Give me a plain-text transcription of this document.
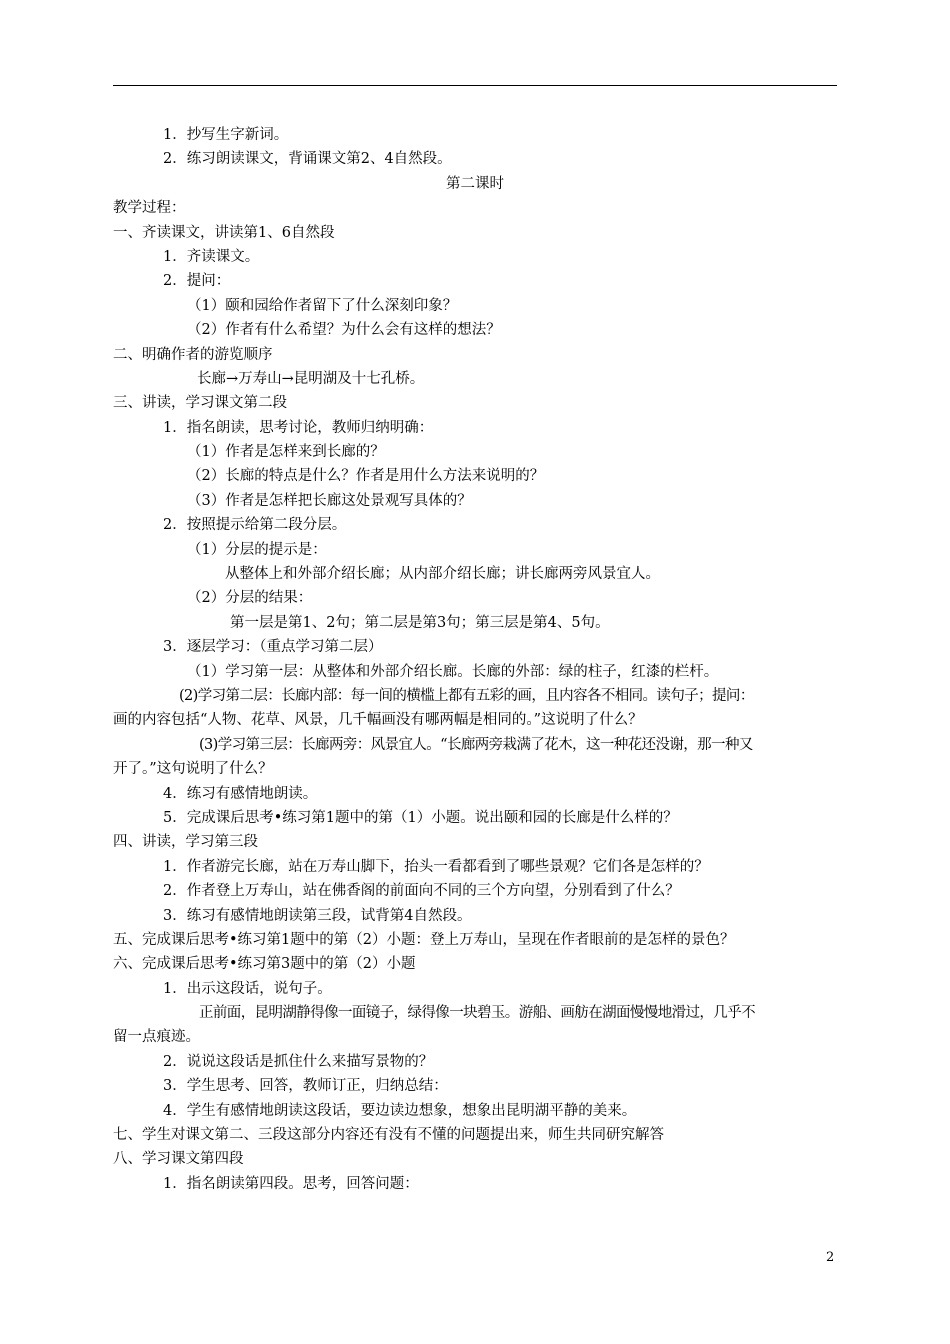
1．抄写生字新词。
2．练习朗读课文，背诵课文第2、4自然段。
第二课时
教学过程：
一、齐读课文，讲读第1、6自然段
1．齐读课文。
2．提问：
（1）颐和园给作者留下了什么深刻印象？
（2）作者有什么希望？为什么会有这样的想法？
二、明确作者的游览顺序
长廊→万寿山→昆明湖及十七孔桥。
三、讲读，学习课文第二段
1．指名朗读，思考讨论，教师归纳明确：
（1）作者是怎样来到长廊的？
（2）长廊的特点是什么？作者是用什么方法来说明的？
（3）作者是怎样把长廊这处景观写具体的？
2．按照提示给第二段分层。
（1）分层的提示是：
从整体上和外部介绍长廊；从内部介绍长廊；讲长廊两旁风景宜人。
（2）分层的结果：
第一层是第1、2句；第二层是第3句；第三层是第4、5句。
3．逐层学习：（重点学习第二层）
（1）学习第一层：从整体和外部介绍长廊。长廊的外部：绿的柱子，红漆的栏杆。
(2)学习第二层：长廊内部：每一间的横槛上都有五彩的画，且内容各不相同。读句子；提问：
画的内容包括“人物、花草、风景，几千幅画没有哪两幅是相同的。”这说明了什么？
(3)学习第三层：长廊两旁：风景宜人。“长廊两旁栽满了花木，这一种花还没谢，那一种又
开了。”这句说明了什么？
4．练习有感情地朗读。
5．完成课后思考•练习第1题中的第（1）小题。说出颐和园的长廊是什么样的？
四、讲读，学习第三段
1．作者游完长廊，站在万寿山脚下，抬头一看都看到了哪些景观？它们各是怎样的？
2．作者登上万寿山，站在佛香阁的前面向不同的三个方向望，分别看到了什么？
3．练习有感情地朗读第三段，试背第4自然段。
五、完成课后思考•练习第1题中的第（2）小题：登上万寿山，呈现在作者眼前的是怎样的景色？
六、完成课后思考•练习第3题中的第（2）小题
1．出示这段话，说句子。
正前面，昆明湖静得像一面镜子，绿得像一块碧玉。游船、画舫在湖面慢慢地滑过，几乎不
留一点痕迹。
2．说说这段话是抓住什么来描写景物的？
3．学生思考、回答，教师订正，归纳总结：
4．学生有感情地朗读这段话，要边读边想象，想象出昆明湖平静的美来。
七、学生对课文第二、三段这部分内容还有没有不懂的问题提出来，师生共同研究解答
八、学习课文第四段
1．指名朗读第四段。思考，回答问题：
2
